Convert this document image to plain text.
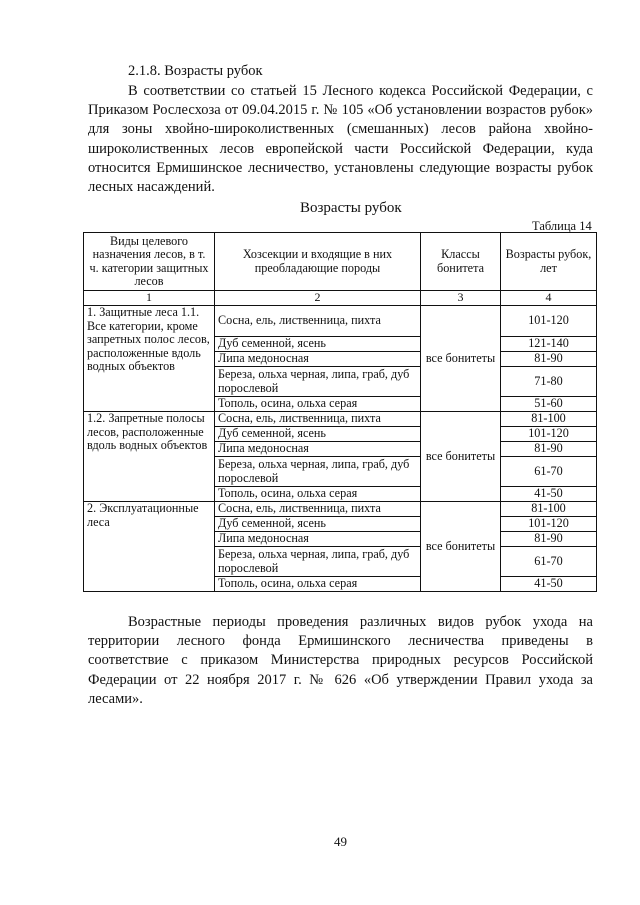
2.1.8. Возрасты рубок
В соответствии со статьей 15 Лесного кодекса Российской Федерации, с Приказом Рослесхоза от 09.04.2015 г. № 105 «Об установлении возрастов рубок» для зоны хвойно-широколиственных (смешанных) лесов района хвойно-широколиственных лесов европейской части Российской Федерации, куда относится Ермишинское лесничество, установлены следующие возрасты рубок лесных насаждений.
Возрасты рубок
Таблица 14
Виды целевого назначения лесов, в т. ч. категории защитных лесов	Хозсекции и входящие в них преобладающие породы	Классы бонитета	Возрасты рубок, лет
1	2	3	4
1. Защитные леса 1.1. Все категории, кроме запретных полос лесов, расположенные вдоль водных объектов	Сосна, ель, лиственница, пихта	все бонитеты	101-120
	Дуб семенной, ясень		121-140
	Липа медоносная		81-90
	Береза, ольха черная, липа, граб, дуб порослевой		71-80
	Тополь, осина, ольха серая		51-60
1.2. Запретные полосы лесов, расположенные вдоль водных объектов	Сосна, ель, лиственница, пихта	все бонитеты	81-100
	Дуб семенной, ясень		101-120
	Липа медоносная		81-90
	Береза, ольха черная, липа, граб, дуб порослевой		61-70
	Тополь, осина, ольха серая		41-50
2. Эксплуатационные леса	Сосна, ель, лиственница, пихта	все бонитеты	81-100
	Дуб семенной, ясень		101-120
	Липа медоносная		81-90
	Береза, ольха черная, липа, граб, дуб порослевой		61-70
	Тополь, осина, ольха серая		41-50
Возрастные периоды проведения различных видов рубок ухода на территории лесного фонда Ермишинского лесничества приведены в соответствие с приказом Министерства природных ресурсов Российской Федерации от 22 ноября 2017 г. № 626 «Об утверждении Правил ухода за лесами».
49
